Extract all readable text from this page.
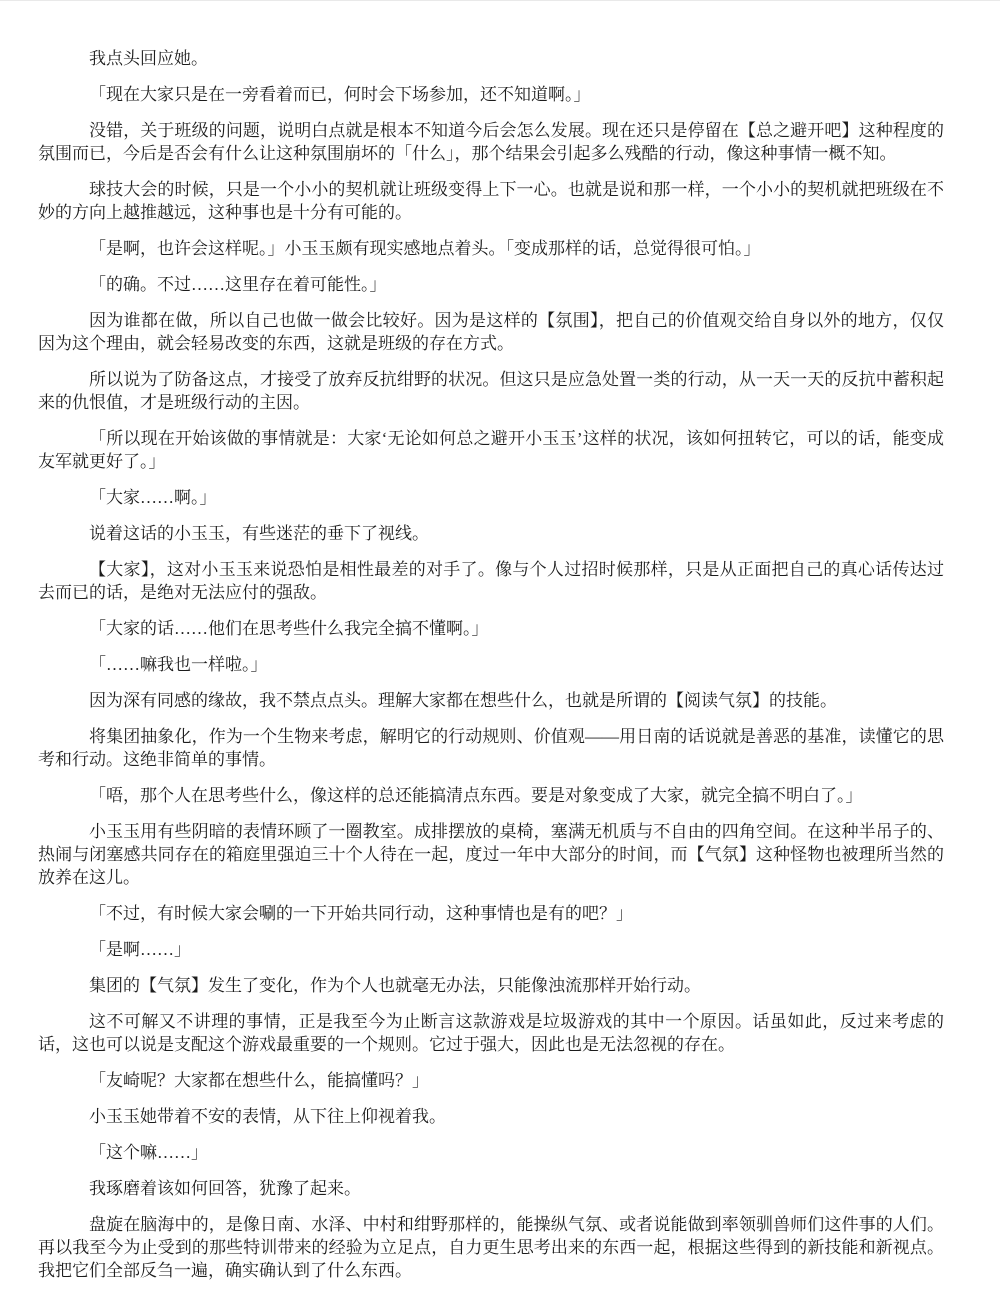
我点头回应她。

「现在大家只是在一旁看着而已，何时会下场参加，还不知道啊。」

没错，关于班级的问题，说明白点就是根本不知道今后会怎么发展。现在还只是停留在【总之避开吧】这种程度的氛围而已，今后是否会有什么让这种氛围崩坏的「什么」，那个结果会引起多么残酷的行动，像这种事情一概不知。

球技大会的时候，只是一个小小的契机就让班级变得上下一心。也就是说和那一样，一个小小的契机就把班级在不妙的方向上越推越远，这种事也是十分有可能的。

「是啊，也许会这样呢。」小玉玉颇有现实感地点着头。「变成那样的话，总觉得很可怕。」

「的确。不过……这里存在着可能性。」

因为谁都在做，所以自己也做一做会比较好。因为是这样的【氛围】，把自己的价值观交给自身以外的地方，仅仅因为这个理由，就会轻易改变的东西，这就是班级的存在方式。

所以说为了防备这点，才接受了放弃反抗绀野的状况。但这只是应急处置一类的行动，从一天一天的反抗中蓄积起来的仇恨值，才是班级行动的主因。

「所以现在开始该做的事情就是：大家‘无论如何总之避开小玉玉’这样的状况，该如何扭转它，可以的话，能变成友军就更好了。」

「大家……啊。」

说着这话的小玉玉，有些迷茫的垂下了视线。

【大家】，这对小玉玉来说恐怕是相性最差的对手了。像与个人过招时候那样，只是从正面把自己的真心话传达过去而已的话，是绝对无法应付的强敌。

「大家的话……他们在思考些什么我完全搞不懂啊。」

「……嘛我也一样啦。」

因为深有同感的缘故，我不禁点点头。理解大家都在想些什么，也就是所谓的【阅读气氛】的技能。

将集团抽象化，作为一个生物来考虑，解明它的行动规则、价值观——用日南的话说就是善恶的基准，读懂它的思考和行动。这绝非简单的事情。

「唔，那个人在思考些什么，像这样的总还能搞清点东西。要是对象变成了大家，就完全搞不明白了。」

小玉玉用有些阴暗的表情环顾了一圈教室。成排摆放的桌椅，塞满无机质与不自由的四角空间。在这种半吊子的、热闹与闭塞感共同存在的箱庭里强迫三十个人待在一起，度过一年中大部分的时间，而【气氛】这种怪物也被理所当然的放养在这儿。

「不过，有时候大家会唰的一下开始共同行动，这种事情也是有的吧？」

「是啊……」

集团的【气氛】发生了变化，作为个人也就毫无办法，只能像浊流那样开始行动。

这不可解又不讲理的事情，正是我至今为止断言这款游戏是垃圾游戏的其中一个原因。话虽如此，反过来考虑的话，这也可以说是支配这个游戏最重要的一个规则。它过于强大，因此也是无法忽视的存在。

「友崎呢？大家都在想些什么，能搞懂吗？」

小玉玉她带着不安的表情，从下往上仰视着我。

「这个嘛……」

我琢磨着该如何回答，犹豫了起来。

盘旋在脑海中的，是像日南、水泽、中村和绀野那样的，能操纵气氛、或者说能做到率领驯兽师们这件事的人们。再以我至今为止受到的那些特训带来的经验为立足点，自力更生思考出来的东西一起，根据这些得到的新技能和新视点。我把它们全部反刍一遍，确实确认到了什么东西。
